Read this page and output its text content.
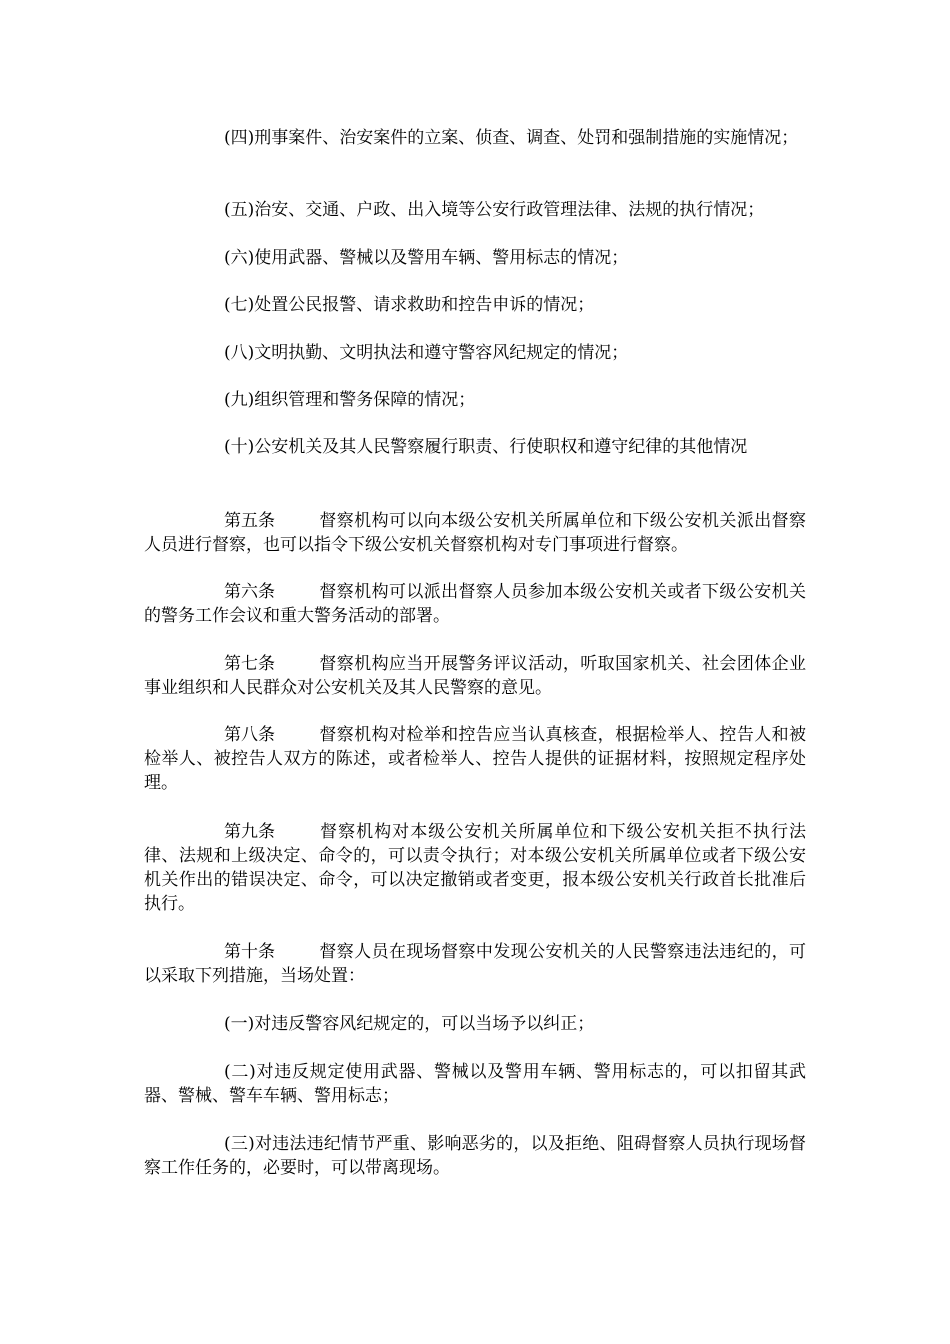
(四)刑事案件、治安案件的立案、侦查、调查、处罚和强制措施的实施情况；

(五)治安、交通、户政、出入境等公安行政管理法律、法规的执行情况；

(六)使用武器、警械以及警用车辆、警用标志的情况；

(七)处置公民报警、请求救助和控告申诉的情况；

(八)文明执勤、文明执法和遵守警容风纪规定的情况；

(九)组织管理和警务保障的情况；

(十)公安机关及其人民警察履行职责、行使职权和遵守纪律的其他情况

第五条	督察机构可以向本级公安机关所属单位和下级公安机关派出督察人员进行督察，也可以指令下级公安机关督察机构对专门事项进行督察。

第六条	督察机构可以派出督察人员参加本级公安机关或者下级公安机关的警务工作会议和重大警务活动的部署。

第七条	督察机构应当开展警务评议活动，听取国家机关、社会团体企业事业组织和人民群众对公安机关及其人民警察的意见。

第八条	督察机构对检举和控告应当认真核查，根据检举人、控告人和被检举人、被控告人双方的陈述，或者检举人、控告人提供的证据材料，按照规定程序处理。

第九条	督察机构对本级公安机关所属单位和下级公安机关拒不执行法律、法规和上级决定、命令的，可以责令执行；对本级公安机关所属单位或者下级公安机关作出的错误决定、命令，可以决定撤销或者变更，报本级公安机关行政首长批准后执行。

第十条	督察人员在现场督察中发现公安机关的人民警察违法违纪的，可以采取下列措施，当场处置：

(一)对违反警容风纪规定的，可以当场予以纠正；

(二)对违反规定使用武器、警械以及警用车辆、警用标志的，可以扣留其武器、警械、警车车辆、警用标志；

(三)对违法违纪情节严重、影响恶劣的，以及拒绝、阻碍督察人员执行现场督察工作任务的，必要时，可以带离现场。
